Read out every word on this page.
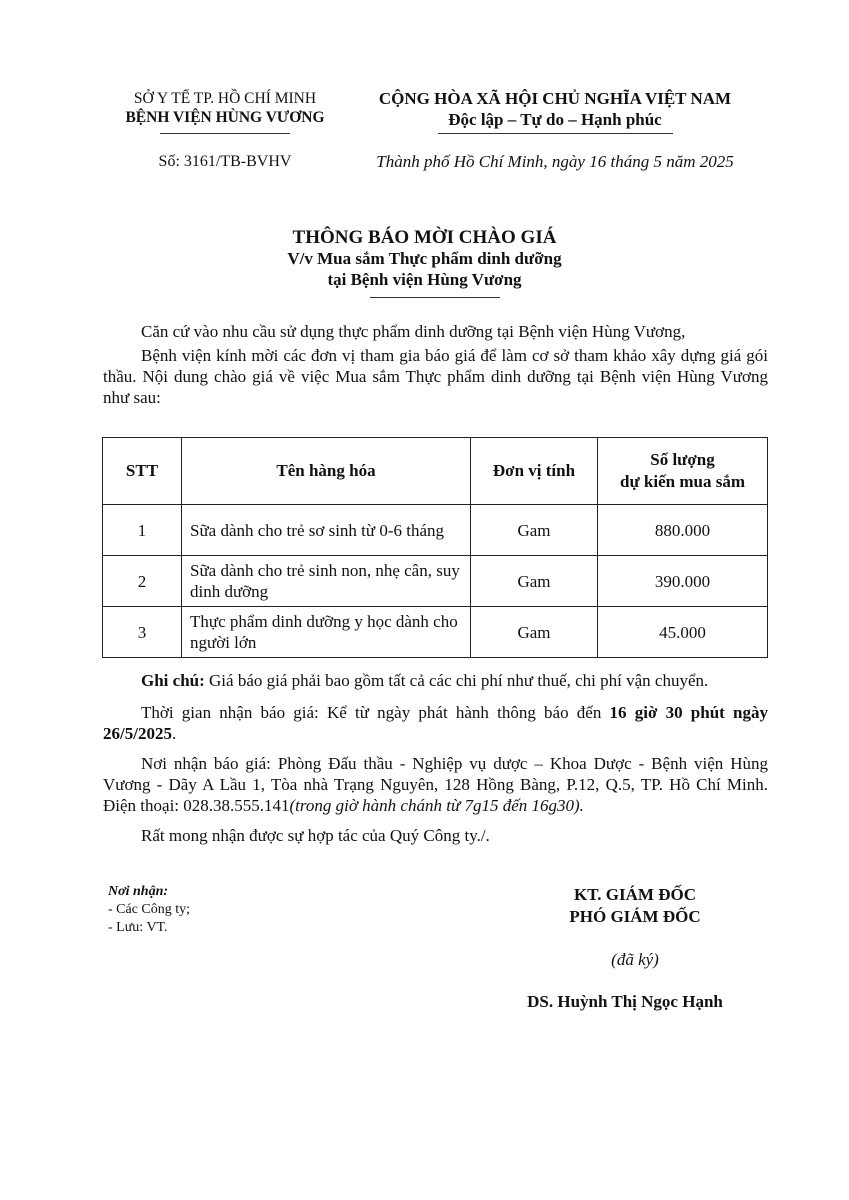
SỞ Y TẾ TP. HỒ CHÍ MINH
BỆNH VIỆN HÙNG VƯƠNG
Số: 3161/TB-BVHV
CỘNG HÒA XÃ HỘI CHỦ NGHĨA VIỆT NAM
Độc lập – Tự do – Hạnh phúc
Thành phố Hồ Chí Minh, ngày 16 tháng 5 năm 2025
THÔNG BÁO MỜI CHÀO GIÁ
V/v Mua sắm Thực phẩm dinh dưỡng
tại Bệnh viện Hùng Vương

Căn cứ vào nhu cầu sử dụng thực phẩm dinh dưỡng tại Bệnh viện Hùng Vương,

Bệnh viện kính mời các đơn vị tham gia báo giá để làm cơ sở tham khảo xây dựng giá gói thầu. Nội dung chào giá về việc Mua sắm Thực phẩm dinh dưỡng tại Bệnh viện Hùng Vương như sau:

STT	Tên hàng hóa	Đơn vị tính	Số lượng
dự kiến mua sắm

1	Sữa dành cho trẻ sơ sinh từ 0-6 tháng	Gam	880.000
2	Sữa dành cho trẻ sinh non, nhẹ cân, suy dinh dưỡng	Gam	390.000
3	Thực phẩm dinh dưỡng y học dành cho người lớn	Gam	45.000

Ghi chú: Giá báo giá phải bao gồm tất cả các chi phí như thuế, chi phí vận chuyển.

Thời gian nhận báo giá: Kể từ ngày phát hành thông báo đến 16 giờ 30 phút ngày 26/5/2025.

Nơi nhận báo giá: Phòng Đấu thầu - Nghiệp vụ dược – Khoa Dược - Bệnh viện Hùng Vương - Dãy A Lầu 1, Tòa nhà Trạng Nguyên, 128 Hồng Bàng, P.12, Q.5, TP. Hồ Chí Minh. Điện thoại: 028.38.555.141(trong giờ hành chánh từ 7g15 đến 16g30).

Rất mong nhận được sự hợp tác của Quý Công ty./.

Nơi nhận:
- Các Công ty;
- Lưu: VT.
KT. GIÁM ĐỐC
PHÓ GIÁM ĐỐC
(đã ký)
DS. Huỳnh Thị Ngọc Hạnh
